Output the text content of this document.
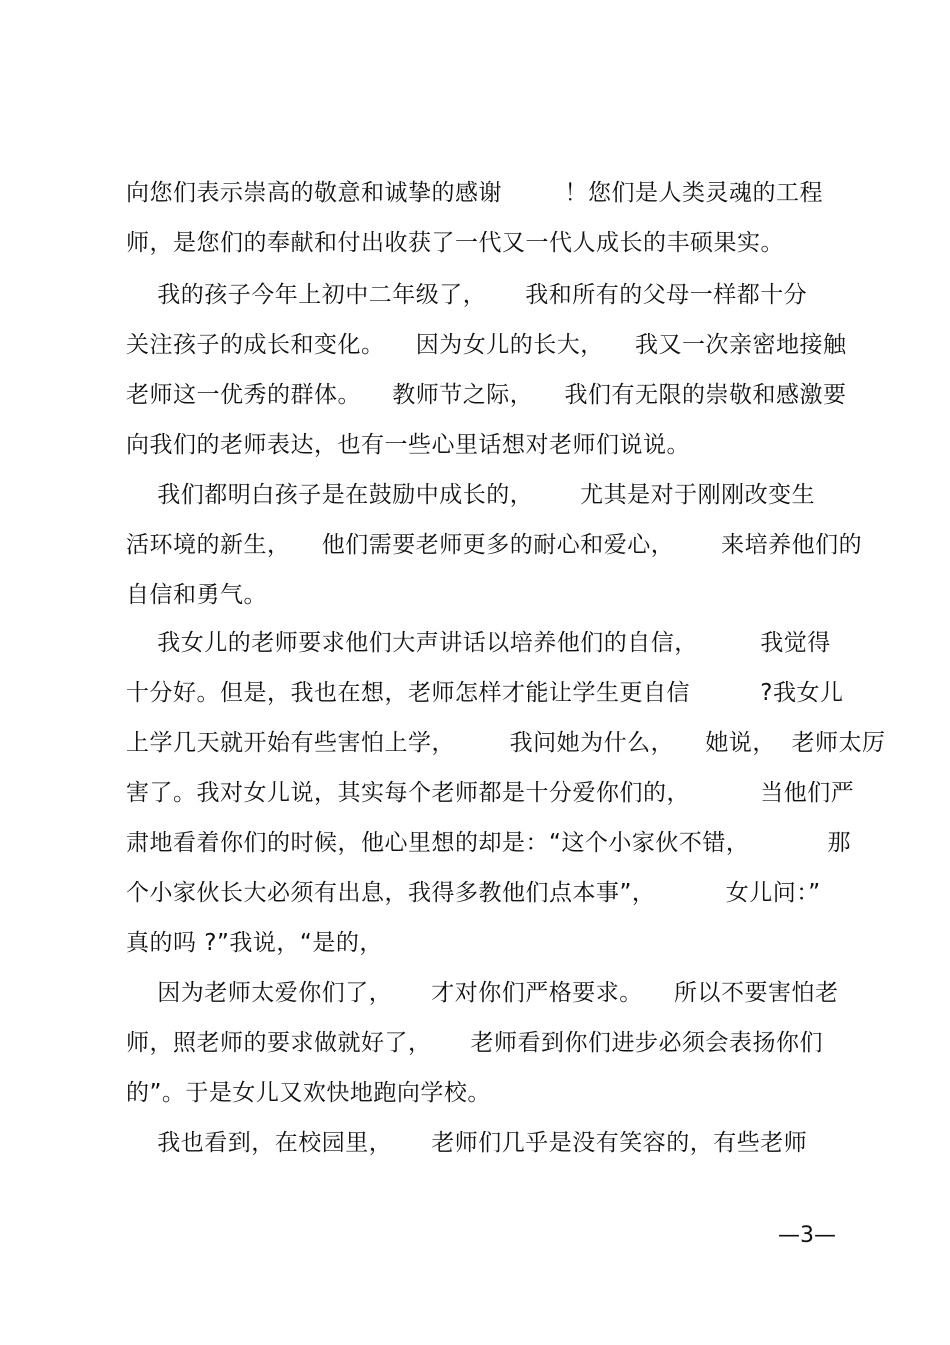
向您们表示崇高的敬意和诚挚的感谢        ！您们是人类灵魂的工程
师，是您们的奉献和付出收获了一代又一代人成长的丰硕果实。
我的孩子今年上初中二年级了，     我和所有的父母一样都十分
关注孩子的成长和变化。    因为女儿的长大，    我又一次亲密地接触
老师这一优秀的群体。    教师节之际，    我们有无限的崇敬和感激要
向我们的老师表达，也有一些心里话想对老师们说说。
我们都明白孩子是在鼓励中成长的，      尤其是对于刚刚改变生
活环境的新生，    他们需要老师更多的耐心和爱心，      来培养他们的
自信和勇气。
我女儿的老师要求他们大声讲话以培养他们的自信，        我觉得
十分好。但是，我也在想，老师怎样才能让学生更自信         ?我女儿
上学几天就开始有些害怕上学，       我问她为什么，    她说，  老师太厉
害了。我对女儿说，其实每个老师都是十分爱你们的，         当他们严
肃地看着你们的时候，他心里想的却是：“这个小家伙不错，          那
个小家伙长大必须有出息，我得多教他们点本事”，         女儿问：”
真的吗 ?”我说，“是的，
因为老师太爱你们了，     才对你们严格要求。    所以不要害怕老
师，照老师的要求做就好了，     老师看到你们进步必须会表扬你们
的”。于是女儿又欢快地跑向学校。
我也看到，在校园里，     老师们几乎是没有笑容的，有些老师
—3—
